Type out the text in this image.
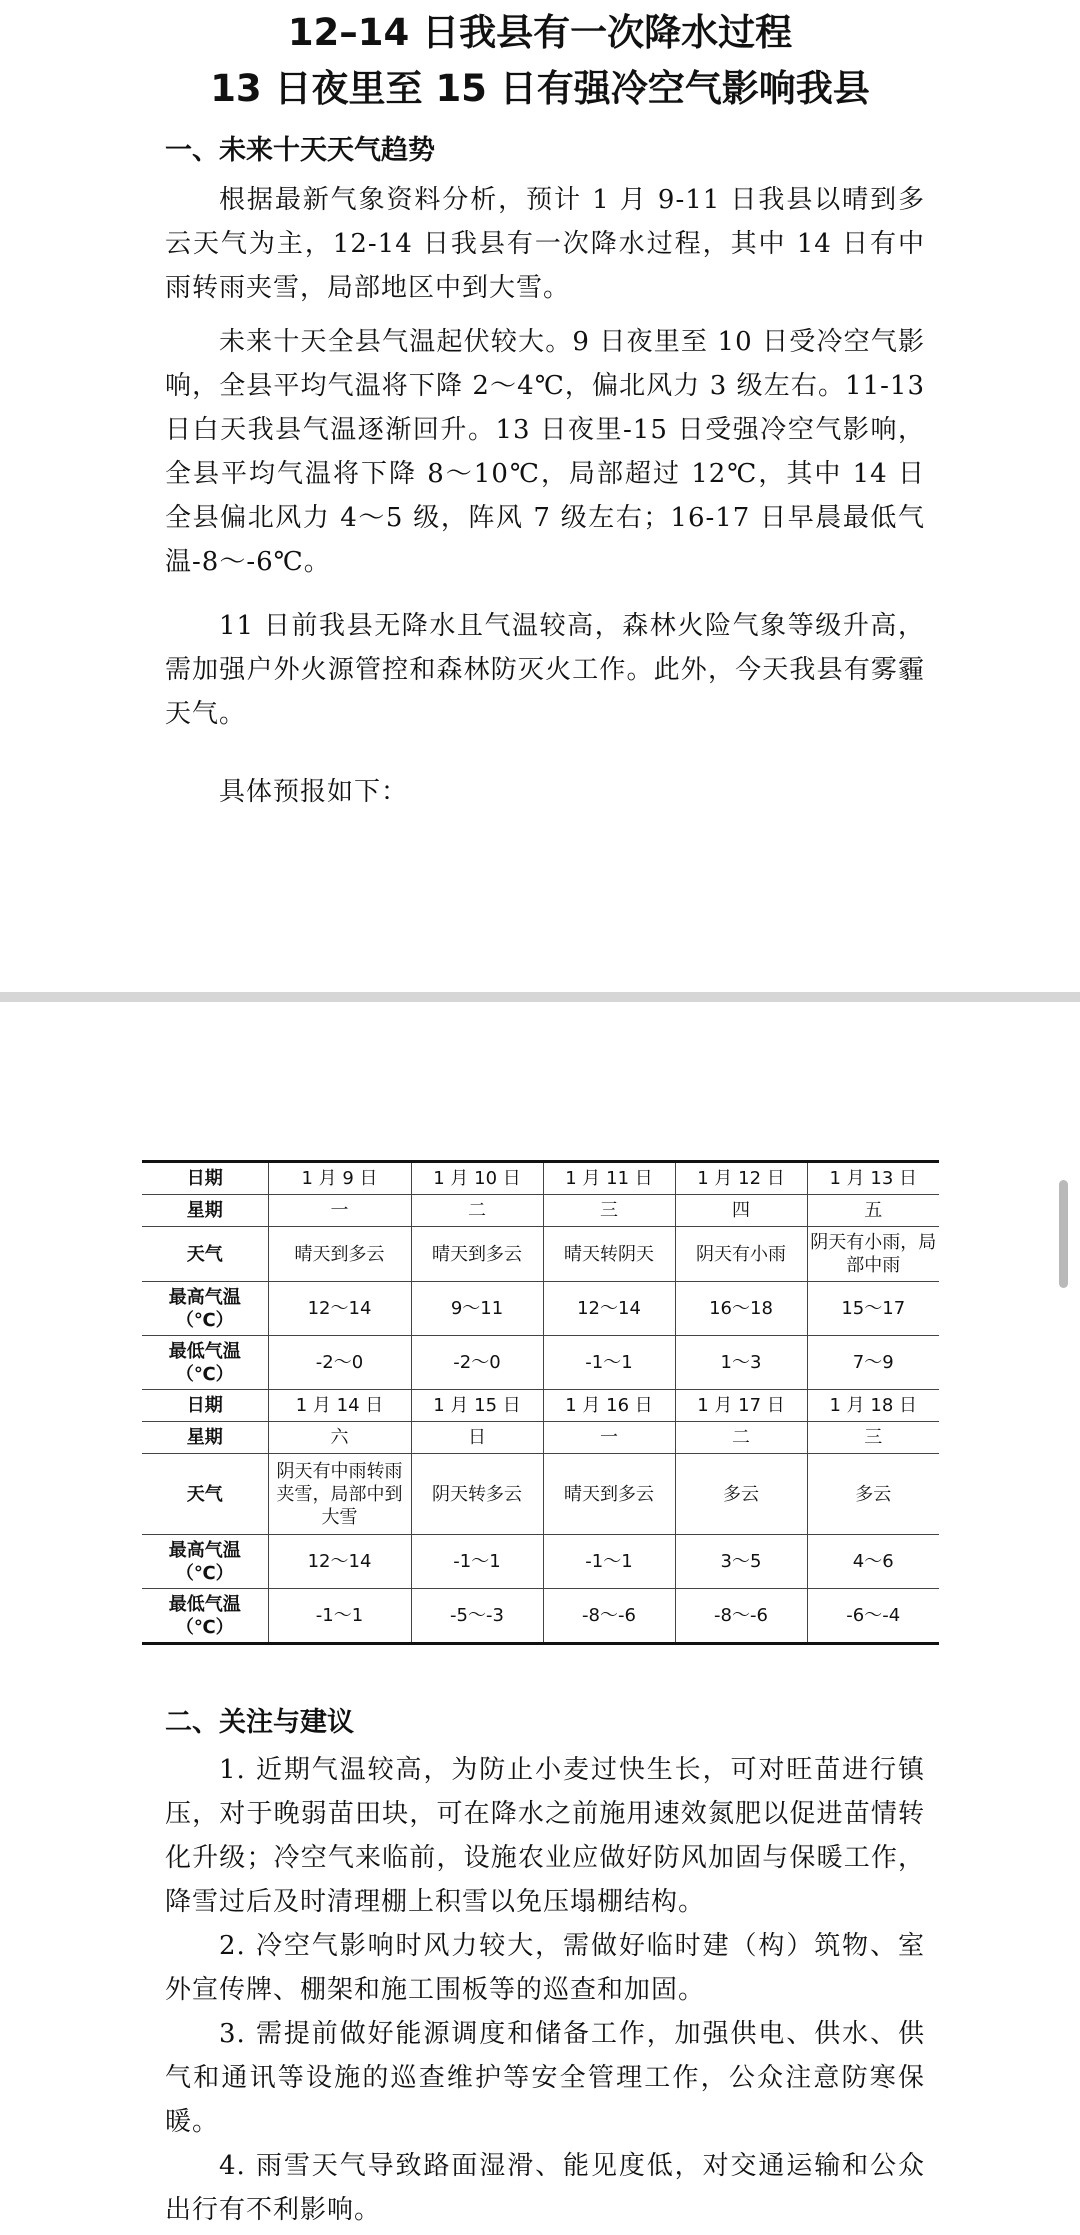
12–14 日我县有一次降水过程
13 日夜里至 15 日有强冷空气影响我县
一、未来十天天气趋势
根据最新气象资料分析，预计 1 月 9-11 日我县以晴到多云天气为主，12-14 日我县有一次降水过程，其中 14 日有中雨转雨夹雪，局部地区中到大雪。
未来十天全县气温起伏较大。9 日夜里至 10 日受冷空气影响，全县平均气温将下降 2～4℃，偏北风力 3 级左右。11-13 日白天我县气温逐渐回升。13 日夜里-15 日受强冷空气影响，全县平均气温将下降 8～10℃，局部超过 12℃，其中 14 日全县偏北风力 4～5 级，阵风 7 级左右；16-17 日早晨最低气温-8～-6℃。
11 日前我县无降水且气温较高，森林火险气象等级升高，需加强户外火源管控和森林防灭火工作。此外，今天我县有雾霾天气。
具体预报如下：
日期	1 月 9 日	1 月 10 日	1 月 11 日	1 月 12 日	1 月 13 日
星期	一	二	三	四	五
天气	晴天到多云	晴天到多云	晴天转阴天	阴天有小雨	阴天有小雨，局部中雨

最高气温
（℃）	12～14	9～11	12～14	16～18	15～17

最低气温
（℃）	-2～0	-2～0	-1～1	1～3	7～9
日期	1 月 14 日	1 月 15 日	1 月 16 日	1 月 17 日	1 月 18 日
星期	六	日	一	二	三
天气	阴天有中雨转雨夹雪，局部中到大雪	阴天转多云	晴天到多云	多云	多云

最高气温
（℃）	12～14	-1～1	-1～1	3～5	4～6

最低气温
（℃）	-1～1	-5～-3	-8～-6	-8～-6	-6～-4
二、关注与建议
1. 近期气温较高，为防止小麦过快生长，可对旺苗进行镇压，对于晚弱苗田块，可在降水之前施用速效氮肥以促进苗情转化升级；冷空气来临前，设施农业应做好防风加固与保暖工作，降雪过后及时清理棚上积雪以免压塌棚结构。
2. 冷空气影响时风力较大，需做好临时建（构）筑物、室外宣传牌、棚架和施工围板等的巡查和加固。
3. 需提前做好能源调度和储备工作，加强供电、供水、供气和通讯等设施的巡查维护等安全管理工作，公众注意防寒保暖。
4. 雨雪天气导致路面湿滑、能见度低，对交通运输和公众出行有不利影响。
